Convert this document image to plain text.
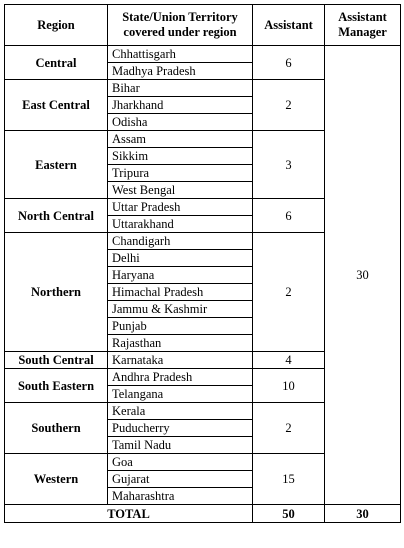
Region	State/Union Territory covered under region	Assistant	Assistant Manager
Central	Chhattisgarh	6	30
	Madhya Pradesh		
East Central	Bihar	2	
	Jharkhand		
	Odisha		
Eastern	Assam	3	
	Sikkim		
	Tripura		
	West Bengal		
North Central	Uttar Pradesh	6	
	Uttarakhand		
Northern	Chandigarh	2	
	Delhi		
	Haryana		
	Himachal Pradesh		
	Jammu & Kashmir		
	Punjab		
	Rajasthan		
South Central	Karnataka	4	
South Eastern	Andhra Pradesh	10	
	Telangana		
Southern	Kerala	2	
	Puducherry		
	Tamil Nadu		
Western	Goa	15	
	Gujarat		
	Maharashtra		
TOTAL		50	30
